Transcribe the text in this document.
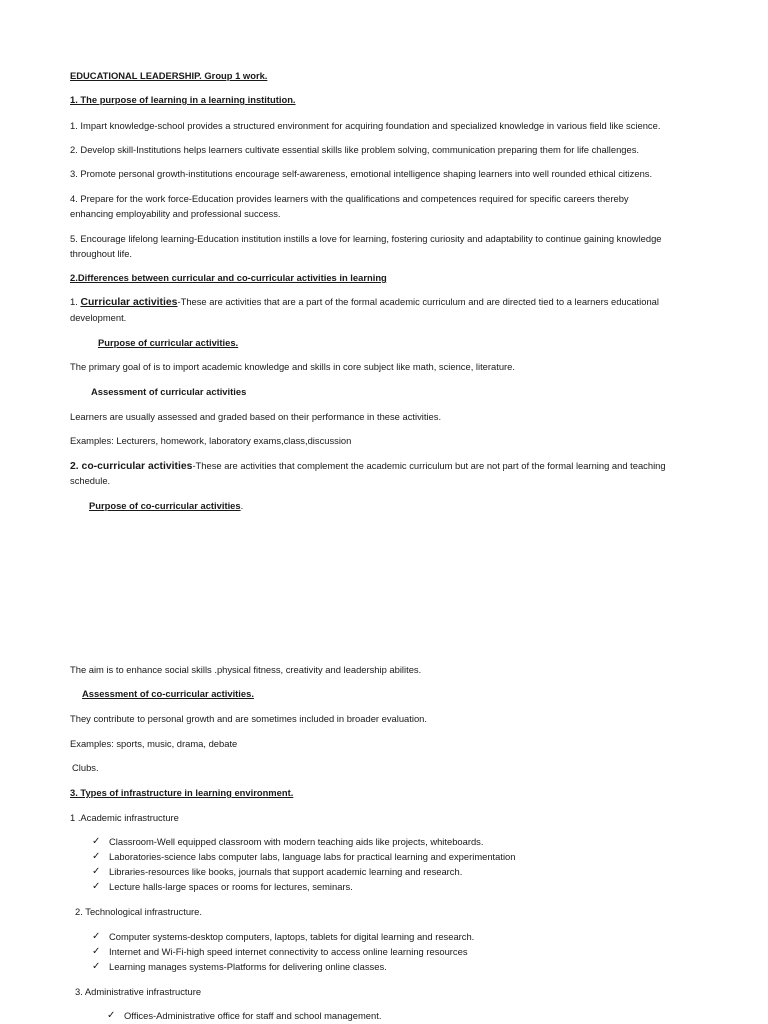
EDUCATIONAL LEADERSHIP. Group 1 work.
1. The purpose of learning in a learning institution.
1. Impart knowledge-school provides a structured environment for acquiring foundation and specialized knowledge in various field like science.
2. Develop skill-Institutions helps learners cultivate essential skills like problem solving, communication preparing them for life challenges.
3. Promote personal growth-institutions encourage self-awareness, emotional intelligence shaping learners into well rounded ethical citizens.
4. Prepare for the work force-Education provides learners with the qualifications and competences required for specific careers thereby
enhancing employability and professional success.
5. Encourage lifelong learning-Education institution instills a love for learning, fostering curiosity and adaptability to continue gaining knowledge
throughout life.
2.Differences between curricular and co-curricular activities in learning
1. Curricular activities-These are activities that are a part of the formal academic curriculum and are directed tied to a learners educational
development.
Purpose of curricular activities.
The primary goal of is to import academic knowledge and skills in core subject like math, science, literature.
Assessment of curricular activities
Learners are usually assessed and graded based on their performance in these activities.
Examples: Lecturers, homework, laboratory exams,class,discussion
2. co-curricular activities-These are activities that complement the academic curriculum but are not part of the formal learning and teaching
schedule.
Purpose of co-curricular activities.
The aim is to enhance social skills .physical fitness, creativity and leadership abilites.
Assessment of co-curricular activities.
They contribute to personal growth and are sometimes included in broader evaluation.
Examples: sports, music, drama, debate
Clubs.
3. Types of infrastructure in learning environment.
1 .Academic infrastructure
✓ Classroom-Well equipped classroom with modern teaching aids like projects, whiteboards.
✓ Laboratories-science labs computer labs, language labs for practical learning and experimentation
✓ Libraries-resources like books, journals that support academic learning and research.
✓ Lecture halls-large spaces or rooms for lectures, seminars.
2. Technological infrastructure.
✓ Computer systems-desktop computers, laptops, tablets for digital learning and research.
✓ Internet and Wi-Fi-high speed internet connectivity to access online learning resources
✓ Learning manages systems-Platforms for delivering online classes.
3. Administrative infrastructure
✓ Offices-Administrative office for staff and school management.
